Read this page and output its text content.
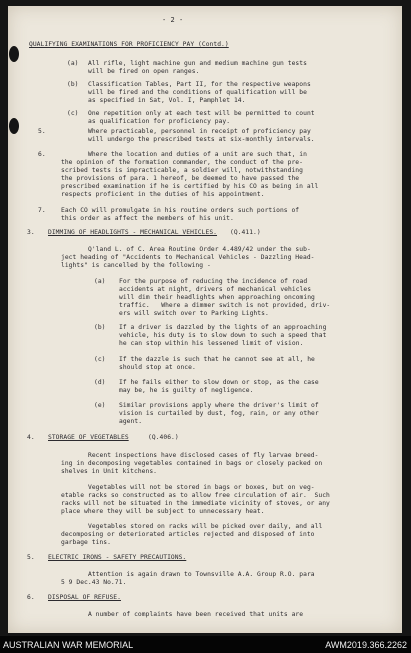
- 2 -
QUALIFYING EXAMINATIONS FOR PROFICIENCY PAY (Contd.)
(a) All rifle, light machine gun and medium machine gun tests
will be fired on open ranges.
(b) Classification Tables, Part II, for the respective weapons
will be fired and the conditions of qualification will be
as specified in Sat, Vol. I, Pamphlet 14.
(c) One repetition only at each test will be permitted to count
as qualification for proficiency pay.
5.	Where practicable, personnel in receipt of proficiency pay
will undergo the prescribed tests at six-monthly intervals.
6.	Where the location and duties of a unit are such that, in
the opinion of the formation commander, the conduct of the pre-
scribed tests is impracticable, a soldier will, notwithstanding
the provisions of para. 1 hereof, be deemed to have passed the
prescribed examination if he is certified by his CO as being in all
respects proficient in the duties of his appointment.
7. Each CO will promulgate in his routine orders such portions of
this order as affect the members of his unit.
3. DIMMING OF HEADLIGHTS - MECHANICAL VEHICLES. (Q.411.)
Q'land L. of C. Area Routine Order 4.489/42 under the sub-
ject heading of "Accidents to Mechanical Vehicles - Dazzling Head-
lights" is cancelled by the following -
(a) For the purpose of reducing the incidence of road
accidents at night, drivers of mechanical vehicles
will dim their headlights when approaching oncoming
traffic.   Where a dimmer switch is not provided, driv-
ers will switch over to Parking Lights.
(b) If a driver is dazzled by the lights of an approaching
vehicle, his duty is to slow down to such a speed that
he can stop within his lessened limit of vision.
(c) If the dazzle is such that he cannot see at all, he
should stop at once.
(d) If he fails either to slow down or stop, as the case
may be, he is guilty of negligence.
(e) Similar provisions apply where the driver's limit of
vision is curtailed by dust, fog, rain, or any other
agent.
4. STORAGE OF VEGETABLES	(Q.406.)
Recent inspections have disclosed cases of fly larvae breed-
ing in decomposing vegetables contained in bags or closely packed on
shelves in Unit kitchens.
Vegetables will not be stored in bags or boxes, but on veg-
etable racks so constructed as to allow free circulation of air.  Such
racks will not be situated in the immediate vicinity of stoves, or any
place where they will be subject to unnecessary heat.
Vegetables stored on racks will be picked over daily, and all
decomposing or deteriorated articles rejected and disposed of into
garbage tins.
5. ELECTRIC IRONS - SAFETY PRECAUTIONS.
Attention is again drawn to Townsville A.A. Group R.O. para
5 9 Dec.43 No.71.
6. DISPOSAL OF REFUSE.
A number of complaints have been received that units are
AUSTRALIAN WAR MEMORIAL	AWM2019.366.2262
